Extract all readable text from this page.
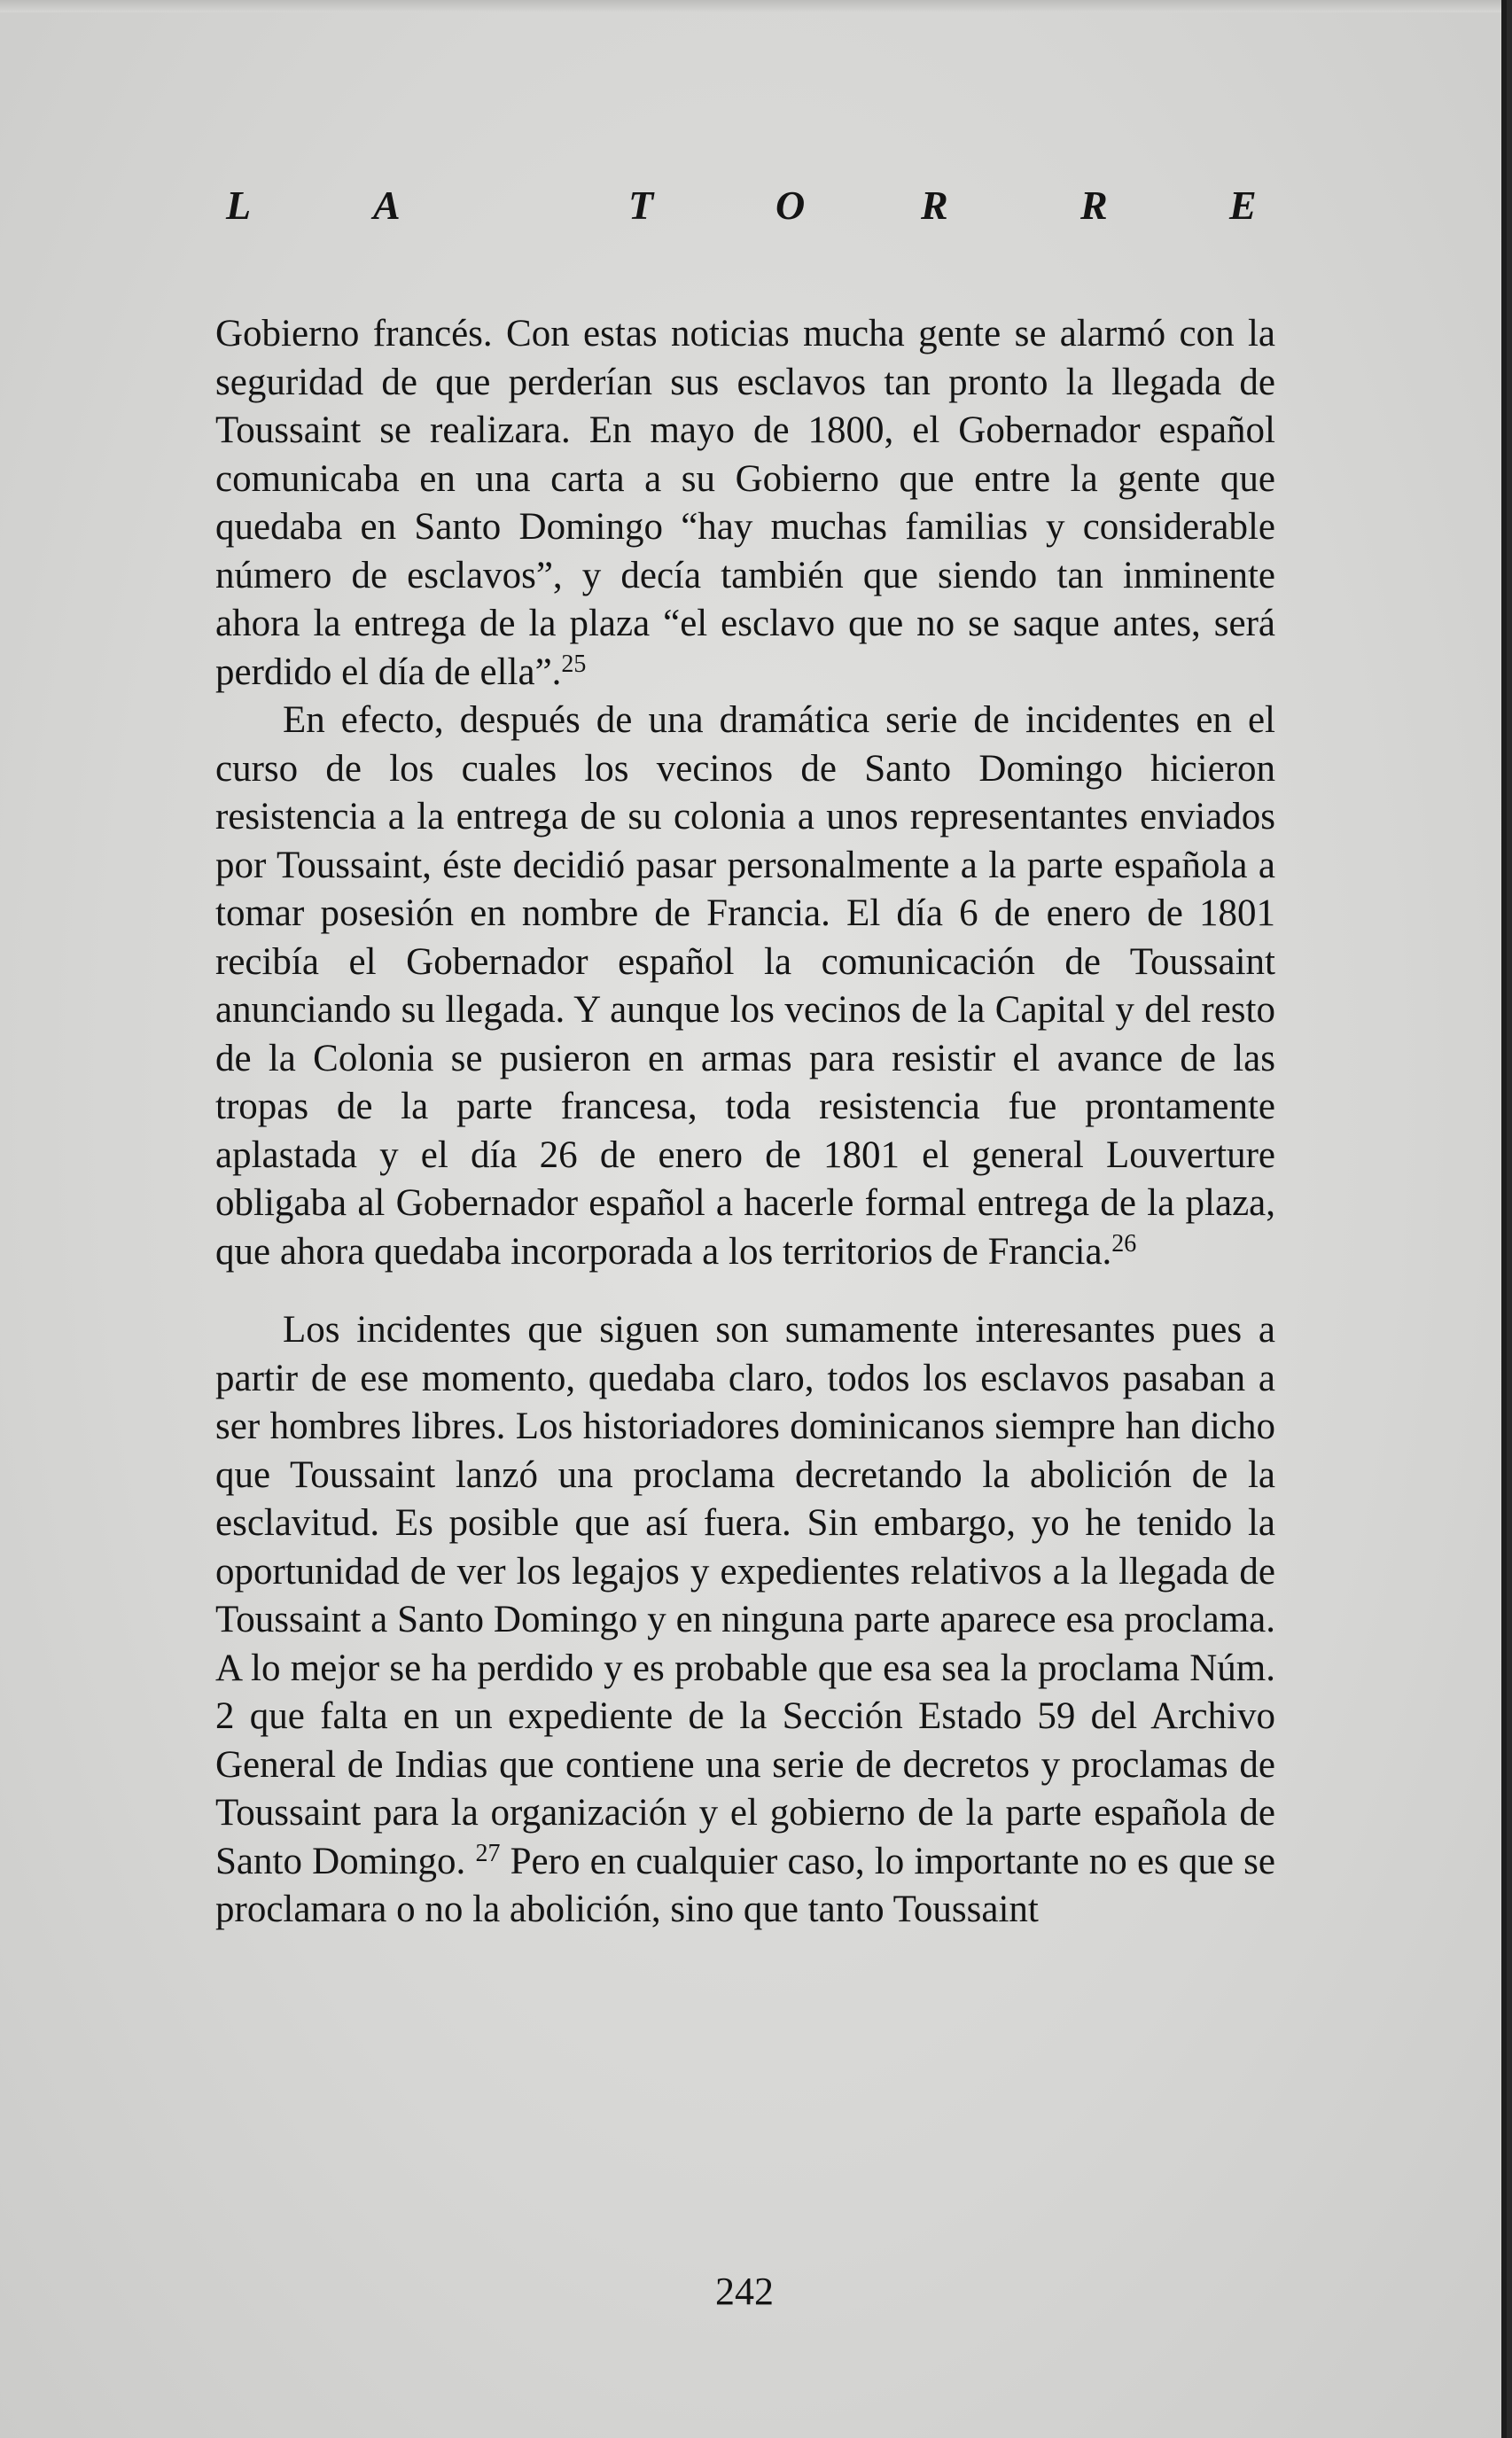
L	A	T	O	R	R	E

Gobierno francés. Con estas noticias mucha gente se alarmó con la seguridad de que perderían sus esclavos tan pronto la llegada de Toussaint se realizara. En mayo de 1800, el Gobernador español comunicaba en una carta a su Gobierno que entre la gente que quedaba en Santo Domingo “hay muchas familias y considerable número de esclavos”, y decía también que siendo tan inminente ahora la entrega de la plaza “el esclavo que no se saque antes, será perdido el día de ella”.$^{25}$

En efecto, después de una dramática serie de incidentes en el curso de los cuales los vecinos de Santo Domingo hicieron resistencia a la entrega de su colonia a unos representantes enviados por Toussaint, éste decidió pasar personalmente a la parte española a tomar posesión en nombre de Francia. El día 6 de enero de 1801 recibía el Gobernador español la comunicación de Toussaint anunciando su llegada. Y aunque los vecinos de la Capital y del resto de la Colonia se pusieron en armas para resistir el avance de las tropas de la parte francesa, toda resistencia fue prontamente aplastada y el día 26 de enero de 1801 el general Louverture obligaba al Gobernador español a hacerle formal entrega de la plaza, que ahora quedaba incorporada a los territorios de Francia.$^{26}$

Los incidentes que siguen son sumamente interesantes pues a partir de ese momento, quedaba claro, todos los esclavos pasaban a ser hombres libres. Los historiadores dominicanos siempre han dicho que Toussaint lanzó una proclama decretando la abolición de la esclavitud. Es posible que así fuera. Sin embargo, yo he tenido la oportunidad de ver los legajos y expedientes relativos a la llegada de Toussaint a Santo Domingo y en ninguna parte aparece esa proclama. A lo mejor se ha perdido y es probable que esa sea la proclama Núm. 2 que falta en un expediente de la Sección Estado 59 del Archivo General de Indias que contiene una serie de decretos y proclamas de Toussaint para la organización y el gobierno de la parte española de Santo Domingo. $^{27}$ Pero en cualquier caso, lo importante no es que se proclamara o no la abolición, sino que tanto Toussaint

242
